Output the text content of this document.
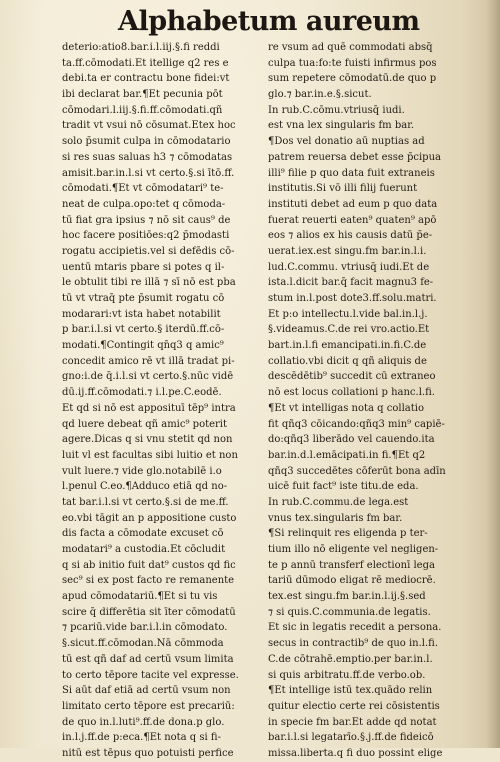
Alphabetum aureum
deterio:atio8.bar.i.l.iij.§.fi reddi
ta.ff.cōmodati.Et itellige q2 res e
debi.ta er contractu bone fidei:vt
ibi declarat bar.¶Et pecunia pōt
cōmodari.l.iij.§.fi.ff.cōmodati.qñ
tradit vt vsui nō cōsumat.Etex hoc
solo p̄sumit culpa in cōmodatario
si res suas saluas h3 ⁊ cōmodatas
amisit.bar.in.l.si vt certo.§.si ītō.ff.
cōmodati.¶Et vt cōmodatari⁹ te-
neat de culpa.opo:tet q cōmoda-
tū fiat gra ipsius ⁊ nō sit caus⁹ de
hoc facere positiōes:q2 p̄modasti
rogatu accipietis.vel si defēdis cō-
uentū mtaris pbare si potes q il-
le obtulit tibi re illā ⁊ sī nō est pba
tū vt vtraq̄ pte p̄sumit rogatu cō
modarari:vt ista habet notabilit
p bar.i.l.si vt certo.§ iterdū.ff.cō-
modati.¶Contingit qn̄q3 q amic⁹
concedit amico rē vt illā tradat pi-
gno:i.de q̄.i.l.si vt certo.§.nūc vidē
dū.ij.ff.cōmodati.⁊ i.l.pe.C.eodē.
Et qd si nō est apposituī tēp⁹ intra
qd luere debeat qñ amic⁹ poterit
agere.Dicas q si vnu stetit qd non
luit vl est facultas sibi luitio et non
vult luere.⁊ vide glo.notabilē i.o
l.penul C.eo.¶Adduco etiā qd no-
tat bar.i.l.si vt certo.§.si de me.ff.
eo.vbi tāgit an p appositione custo
dis facta a cōmodate excuset cō
modatari⁹ a custodia.Et cōcludit
q si ab initio fuit dat⁹ custos qd fic
sec⁹ si ex post facto re remanente
apud cōmodatariū.¶Et si tu vis
scire q̄ differētia sit īter cōmodatū
⁊ pcariū.vide bar.i.l.in cōmodato.
§.sicut.ff.cōmodan.Nā cōmmoda
tū est qñ daf ad certū vsum limita
to certo tēpore tacite vel expresse.
Si aūt daf etiā ad certū vsum non
limitato certo tēpore est precariū:
de quo in.l.luti⁹.ff.de dona.p glo.
in.l.j.ff.de p:eca.¶Et nota q si fi-
nitū est tēpus quo potuisti perfice
re vsum ad quē commodati absq̄
culpa tua:fo:te fuisti infirmus pos
sum repetere cōmodatū.de quo p
glo.⁊ bar.in.e.§.sicut.
In rub.C.cōmu.vtriusq̄ iudi.
est vna lex singularis fm bar.
¶Dos vel donatio aū nuptias ad
patrem reuersa debet esse p̄cipua
illi⁹ filie p quo data fuit extraneis
institutis.Si vō illi filij fuerunt
instituti debet ad eum p quo data
fuerat reuerti eaten⁹ quaten⁹ apō
eos ⁊ alios ex his causis datū p̄e-
uerat.iex.est singu.fm bar.in.l.i.
lud.C.commu. vtriusq̄ iudi.Et de
ista.l.dicit bar.q̄ facit magnu3 fe-
stum in.l.post dote3.ff.solu.matri.
Et p:o intellectu.l.vide bal.in.l.j.
§.videamus.C.de rei vro.actio.Et
bart.in.l.fi emancipati.in.fi.C.de
collatio.vbi dicit q qñ aliquis de
descēdētib⁹ succedit cū extraneo
nō est locus collationi p hanc.l.fi.
¶Et vt intelligas nota q collatio
fit qñq3 cōicando:qñq3 min⁹ capiē-
do:qñq3 liberādo vel cauendo.ita
bar.in.d.l.emācipati.in fi.¶Et q2
qñq3 succedētes cōferūt bona adīn
uicē fuit fact⁹ iste titu.de eda.
In rub.C.commu.de lega.est
vnus tex.singularis fm bar.
¶Si relinquit res eligenda p ter-
tium illo nō eligente vel negligen-
te p annū transferf electionī lega
tariū dūmodo eligat rē mediocrē.
tex.est singu.fm bar.in.l.ij.§.sed
⁊ si quis.C.communia.de legatis.
Et sic in legatis recedit a persona.
secus in contractib⁹ de quo in.l.fi.
C.de cōtrahē.emptio.per bar.in.l.
si quis arbitratu.ff.de verbo.ob.
¶Et intellige istū tex.quādo relin
quitur electio certe rei cōsistentis
in specie fm bar.Et adde qd notat
bar.i.l.si legatarīo.§.j.ff.de fideicō
missa.liberta.q fi duo possint elige
